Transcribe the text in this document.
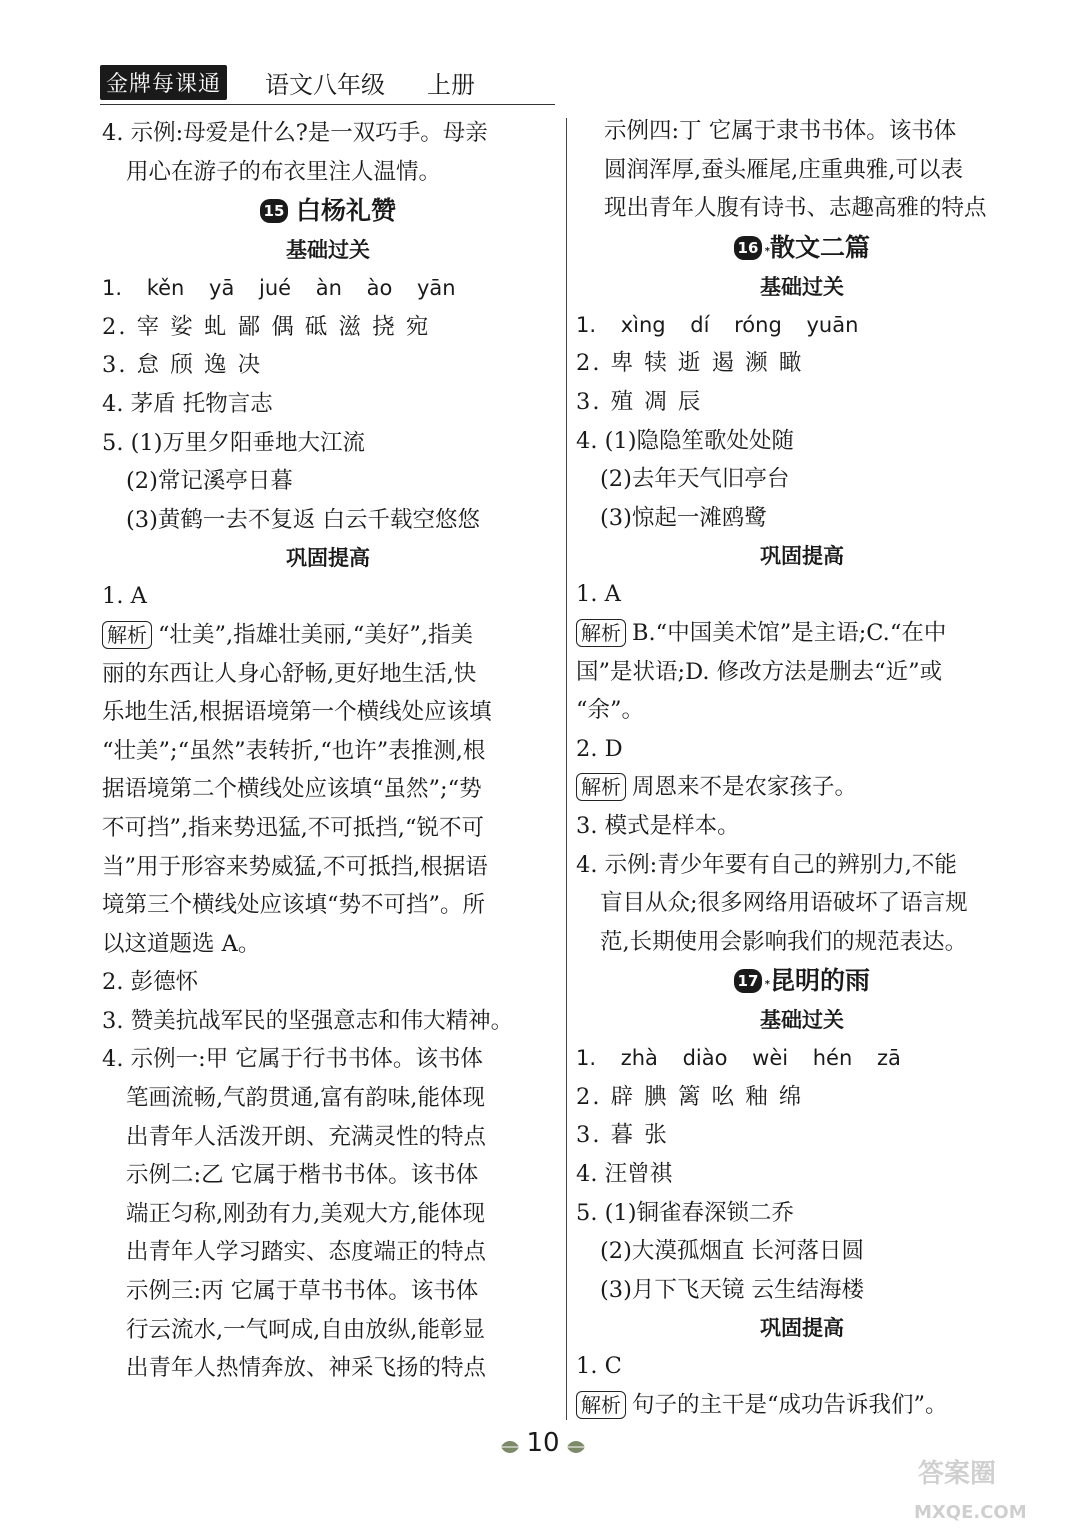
金牌每课通 语文八年级 上册
4. 示例:母爱是什么?是一双巧手。母亲
用心在游子的布衣里注人温情。
15 白杨礼赞
基础过关
1. kěn yā jué àn ào yān
2. 宰 娑 虬 鄙 偶 砥 滋 挠 宛
3. 怠 颀 逸 决
4. 茅盾 托物言志
5. (1)万里夕阳垂地大江流
(2)常记溪亭日暮
(3)黄鹤一去不复返 白云千载空悠悠
巩固提高
1. A
解析 “壮美”,指雄壮美丽,“美好”,指美
丽的东西让人身心舒畅,更好地生活,快
乐地生活,根据语境第一个横线处应该填
“壮美”;“虽然”表转折,“也许”表推测,根
据语境第二个横线处应该填“虽然”;“势
不可挡”,指来势迅猛,不可抵挡,“锐不可
当”用于形容来势威猛,不可抵挡,根据语
境第三个横线处应该填“势不可挡”。所
以这道题选 A。
2. 彭德怀
3. 赞美抗战军民的坚强意志和伟大精神。
4. 示例一:甲 它属于行书书体。该书体
笔画流畅,气韵贯通,富有韵味,能体现
出青年人活泼开朗、充满灵性的特点
示例二:乙 它属于楷书书体。该书体
端正匀称,刚劲有力,美观大方,能体现
出青年人学习踏实、态度端正的特点
示例三:丙 它属于草书书体。该书体
行云流水,一气呵成,自由放纵,能彰显
出青年人热情奔放、神采飞扬的特点
示例四:丁 它属于隶书书体。该书体
圆润浑厚,蚕头雁尾,庄重典雅,可以表
现出青年人腹有诗书、志趣高雅的特点
16 * 散文二篇
基础过关
1. xìng dí róng yuān
2. 卑 犊 逝 遏 濒 瞰
3. 殖 凋 辰
4. (1)隐隐笙歌处处随
(2)去年天气旧亭台
(3)惊起一滩鸥鹭
巩固提高
1. A
解析 B.“中国美术馆”是主语;C.“在中
国”是状语;D. 修改方法是删去“近”或
“余”。
2. D
解析 周恩来不是农家孩子。
3. 模式是样本。
4. 示例:青少年要有自己的辨别力,不能
盲目从众;很多网络用语破坏了语言规
范,长期使用会影响我们的规范表达。
17 * 昆明的雨
基础过关
1. zhà diào wèi hén zā
2. 辟 腆 篱 吆 釉 绵
3. 暮 张
4. 汪曾祺
5. (1)铜雀春深锁二乔
(2)大漠孤烟直 长河落日圆
(3)月下飞天镜 云生结海楼
巩固提高
1. C
解析 句子的主干是“成功告诉我们”。
10
答案圈
MXQE.COM
